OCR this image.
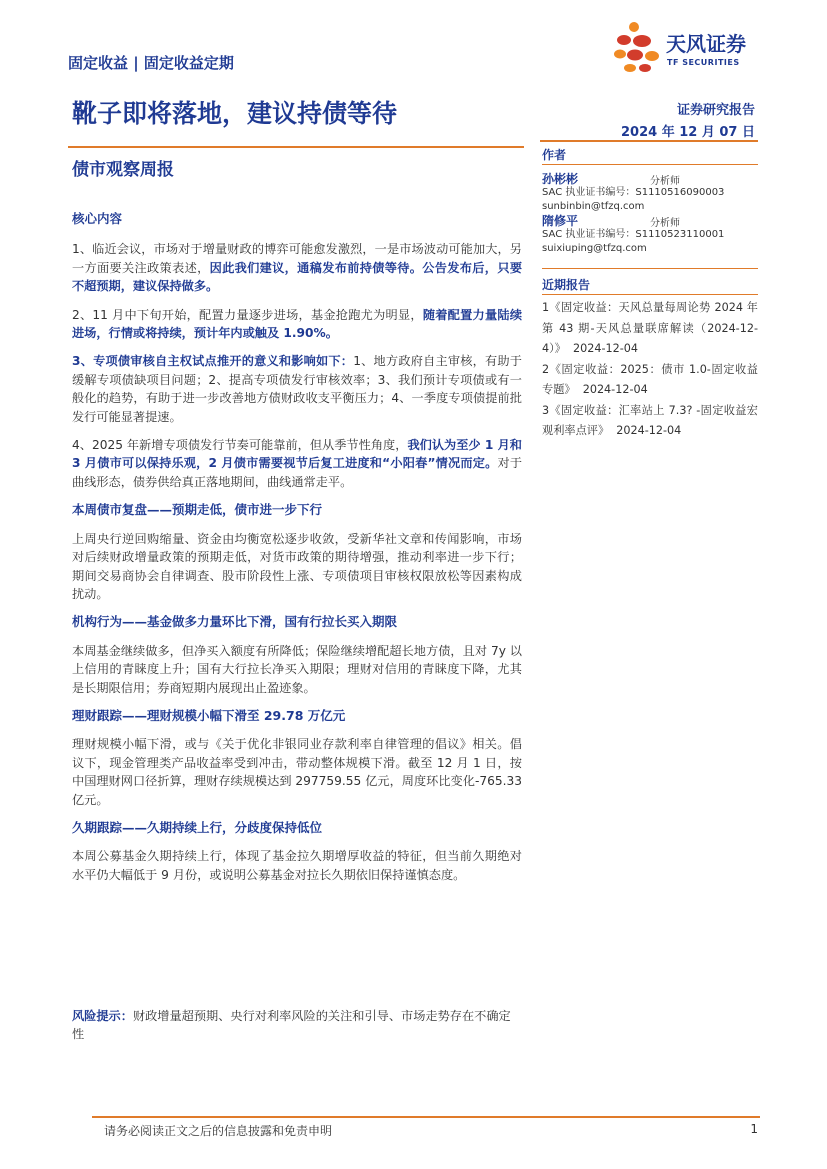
固定收益 | 固定收益定期
天风证券
TF SECURITIES
靴子即将落地，建议持债等待	证券研究报告
2024 年 12 月 07 日
债市观察周报

核心内容

1、临近会议，市场对于增量财政的博弈可能愈发激烈，一是市场波动可能加大，另一方面要关注政策表述，因此我们建议，通稿发布前持债等待。公告发布后，只要不超预期，建议保持做多。

2、11 月中下旬开始，配置力量逐步进场，基金抢跑尤为明显，随着配置力量陆续进场，行情或将持续，预计年内或触及 1.90%。

3、专项债审核自主权试点推开的意义和影响如下：1、地方政府自主审核，有助于缓解专项债缺项目问题；2、提高专项债发行审核效率；3、我们预计专项债或有一般化的趋势，有助于进一步改善地方债财政收支平衡压力；4、一季度专项债提前批发行可能显著提速。

4、2025 年新增专项债发行节奏可能靠前，但从季节性角度，我们认为至少 1 月和 3 月债市可以保持乐观，2 月债市需要视节后复工进度和“小阳春”情况而定。对于曲线形态，债券供给真正落地期间，曲线通常走平。

本周债市复盘——预期走低，债市进一步下行

上周央行逆回购缩量、资金由均衡宽松逐步收敛，受新华社文章和传闻影响，市场对后续财政增量政策的预期走低，对货市政策的期待增强，推动利率进一步下行；期间交易商协会自律调查、股市阶段性上涨、专项债项目审核权限放松等因素构成扰动。

机构行为——基金做多力量环比下滑，国有行拉长买入期限

本周基金继续做多，但净买入额度有所降低；保险继续增配超长地方债，且对 7y 以上信用的青睐度上升；国有大行拉长净买入期限；理财对信用的青睐度下降，尤其是长期限信用；券商短期内展现出止盈迹象。

理财跟踪——理财规模小幅下滑至 29.78 万亿元

理财规模小幅下滑，或与《关于优化非银同业存款利率自律管理的倡议》相关。倡议下，现金管理类产品收益率受到冲击，带动整体规模下滑。截至 12 月 1 日，按中国理财网口径折算，理财存续规模达到 297759.55 亿元，周度环比变化-765.33 亿元。

久期跟踪——久期持续上行，分歧度保持低位

本周公募基金久期持续上行，体现了基金拉久期增厚收益的特征，但当前久期绝对水平仍大幅低于 9 月份，或说明公募基金对拉长久期依旧保持谨慎态度。

风险提示：财政增量超预期、央行对利率风险的关注和引导、市场走势存在不确定性
作者
孙彬彬	分析师
SAC 执业证书编号：S1110516090003
sunbinbin@tfzq.com
隋修平	分析师
SAC 执业证书编号：S1110523110001
suixiuping@tfzq.com
近期报告

1《固定收益：天风总量每周论势 2024 年第 43 期-天风总量联席解读（2024-12-4）》 2024-12-04

2《固定收益：2025：债市 1.0-固定收益专题》 2024-12-04

3《固定收益：汇率站上 7.3? -固定收益宏观利率点评》 2024-12-04

请务必阅读正文之后的信息披露和免责申明	1
